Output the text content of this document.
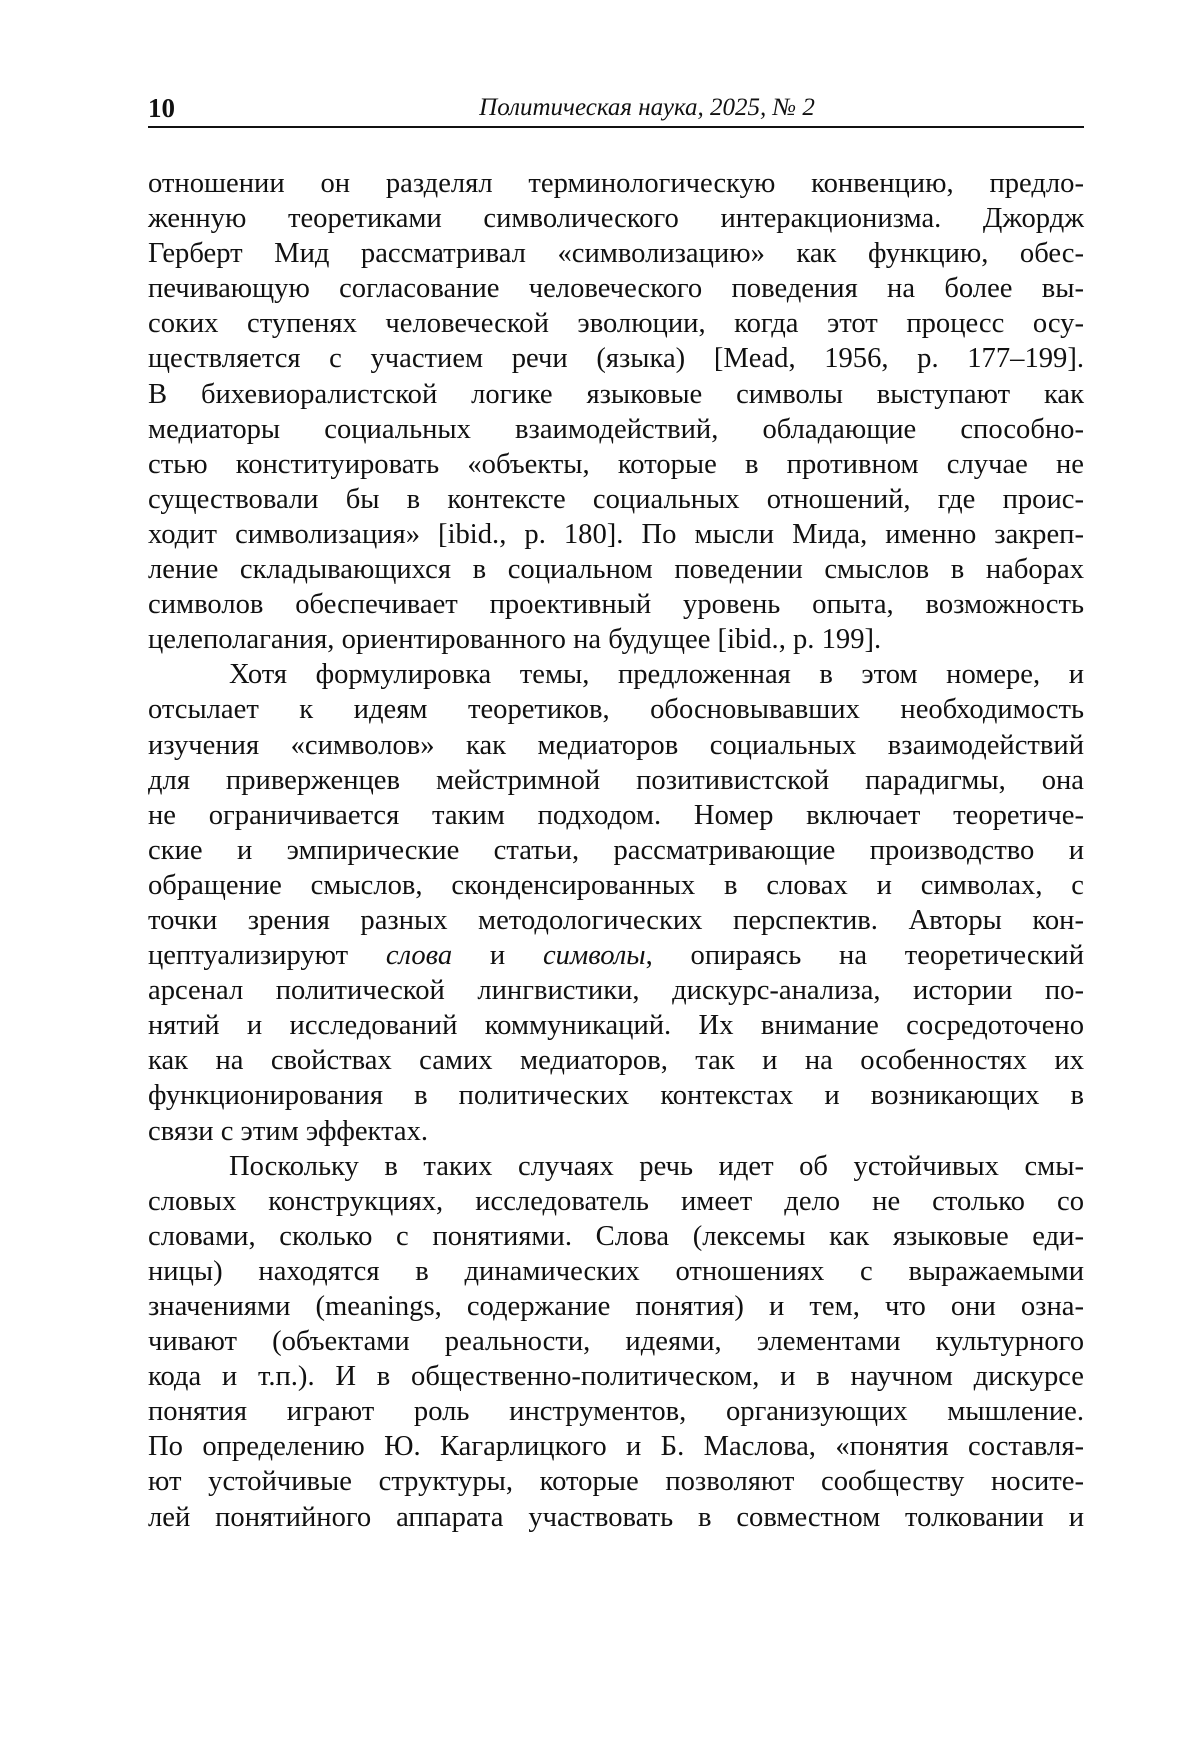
10	Политическая наука, 2025, № 2
отношении он разделял терминологическую конвенцию, предло-
женную теоретиками символического интеракционизма. Джордж
Герберт Мид рассматривал «символизацию» как функцию, обес-
печивающую согласование человеческого поведения на более вы-
соких ступенях человеческой эволюции, когда этот процесс осу-
ществляется с участием речи (языка) [Mead, 1956, p. 177–199].
В бихевиоралистской логике языковые символы выступают как
медиаторы социальных взаимодействий, обладающие способно-
стью конституировать «объекты, которые в противном случае не
существовали бы в контексте социальных отношений, где проис-
ходит символизация» [ibid., p. 180]. По мысли Мида, именно закреп-
ление складывающихся в социальном поведении смыслов в наборах
символов обеспечивает проективный уровень опыта, возможность
целеполагания, ориентированного на будущее [ibid., p. 199].
Хотя формулировка темы, предложенная в этом номере, и
отсылает к идеям теоретиков, обосновывавших необходимость
изучения «символов» как медиаторов социальных взаимодействий
для приверженцев мейстримной позитивистской парадигмы, она
не ограничивается таким подходом. Номер включает теоретиче-
ские и эмпирические статьи, рассматривающие производство и
обращение смыслов, сконденсированных в словах и символах, с
точки зрения разных методологических перспектив. Авторы кон-
цептуализируют слова и символы, опираясь на теоретический
арсенал политической лингвистики, дискурс-анализа, истории по-
нятий и исследований коммуникаций. Их внимание сосредоточено
как на свойствах самих медиаторов, так и на особенностях их
функционирования в политических контекстах и возникающих в
связи с этим эффектах.
Поскольку в таких случаях речь идет об устойчивых смы-
словых конструкциях, исследователь имеет дело не столько со
словами, сколько с понятиями. Слова (лексемы как языковые еди-
ницы) находятся в динамических отношениях с выражаемыми
значениями (meanings, содержание понятия) и тем, что они озна-
чивают (объектами реальности, идеями, элементами культурного
кода и т.п.). И в общественно-политическом, и в научном дискурсе
понятия играют роль инструментов, организующих мышление.
По определению Ю. Кагарлицкого и Б. Маслова, «понятия составля-
ют устойчивые структуры, которые позволяют сообществу носите-
лей понятийного аппарата участвовать в совместном толковании и
